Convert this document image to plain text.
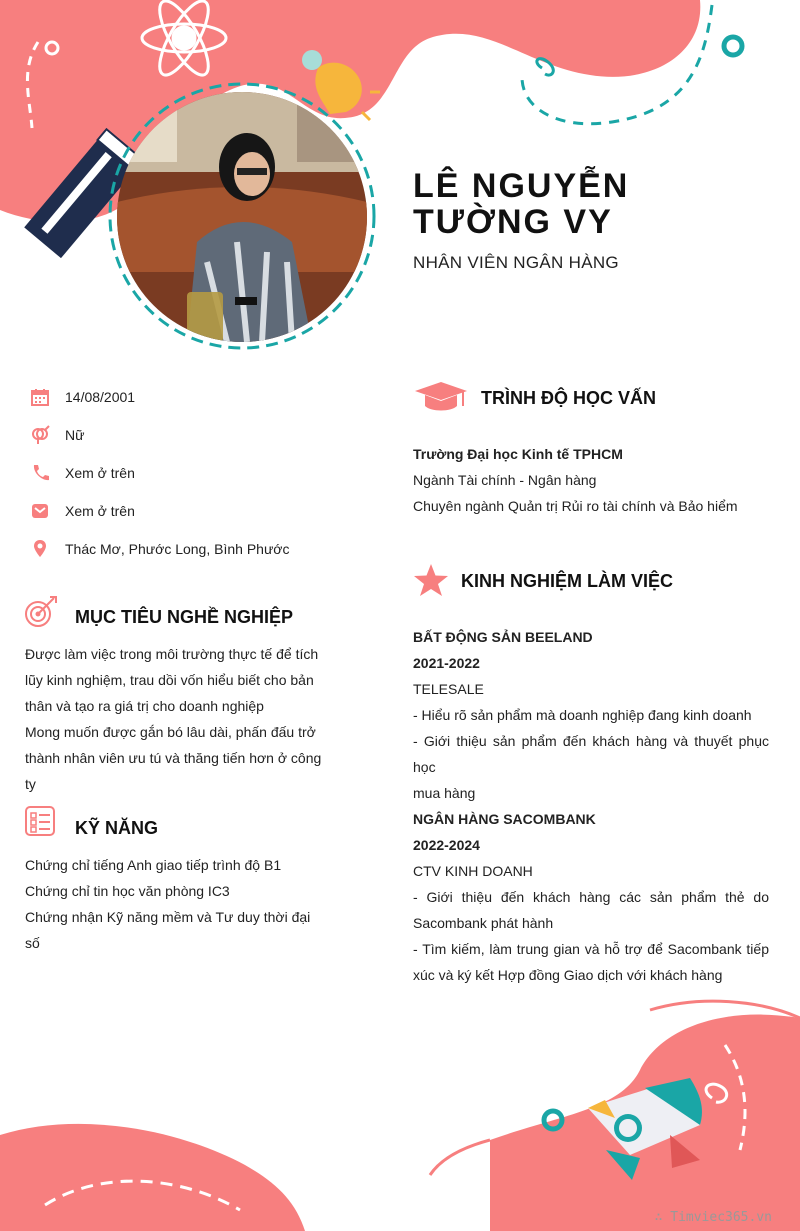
LÊ NGUYỄN TƯỜNG VY
NHÂN VIÊN NGÂN HÀNG
14/08/2001
Nữ
Xem ở trên
Xem ở trên
Thác Mơ, Phước Long, Bình Phước
MỤC TIÊU NGHỀ NGHIỆP
Được làm việc trong môi trường thực tế để tích
lũy kinh nghiệm, trau dồi vốn hiểu biết cho bản
thân và tạo ra giá trị cho doanh nghiệp
Mong muốn được gắn bó lâu dài, phấn đấu trở
thành nhân viên ưu tú và thăng tiến hơn ở công
ty
KỸ NĂNG
Chứng chỉ tiếng Anh giao tiếp trình độ B1
Chứng chỉ tin học văn phòng IC3
Chứng nhận Kỹ năng mềm và Tư duy thời đại
số
TRÌNH ĐỘ HỌC VẤN
Trường Đại học Kinh tế TPHCM
Ngành Tài chính - Ngân hàng
Chuyên ngành Quản trị Rủi ro tài chính và Bảo hiểm
KINH NGHIỆM LÀM VIỆC
BẤT ĐỘNG SẢN BEELAND
2021-2022
TELESALE
- Hiểu rõ sản phẩm mà doanh nghiệp đang kinh doanh
- Giới thiệu sản phẩm đến khách hàng và thuyết phục học
mua hàng
NGÂN HÀNG SACOMBANK
2022-2024
CTV KINH DOANH
- Giới thiệu đến khách hàng các sản phẩm thẻ do
Sacombank phát hành
- Tìm kiếm, làm trung gian và hỗ trợ để Sacombank tiếp
xúc và ký kết Hợp đồng Giao dịch với khách hàng
∴ Timviec365.vn
